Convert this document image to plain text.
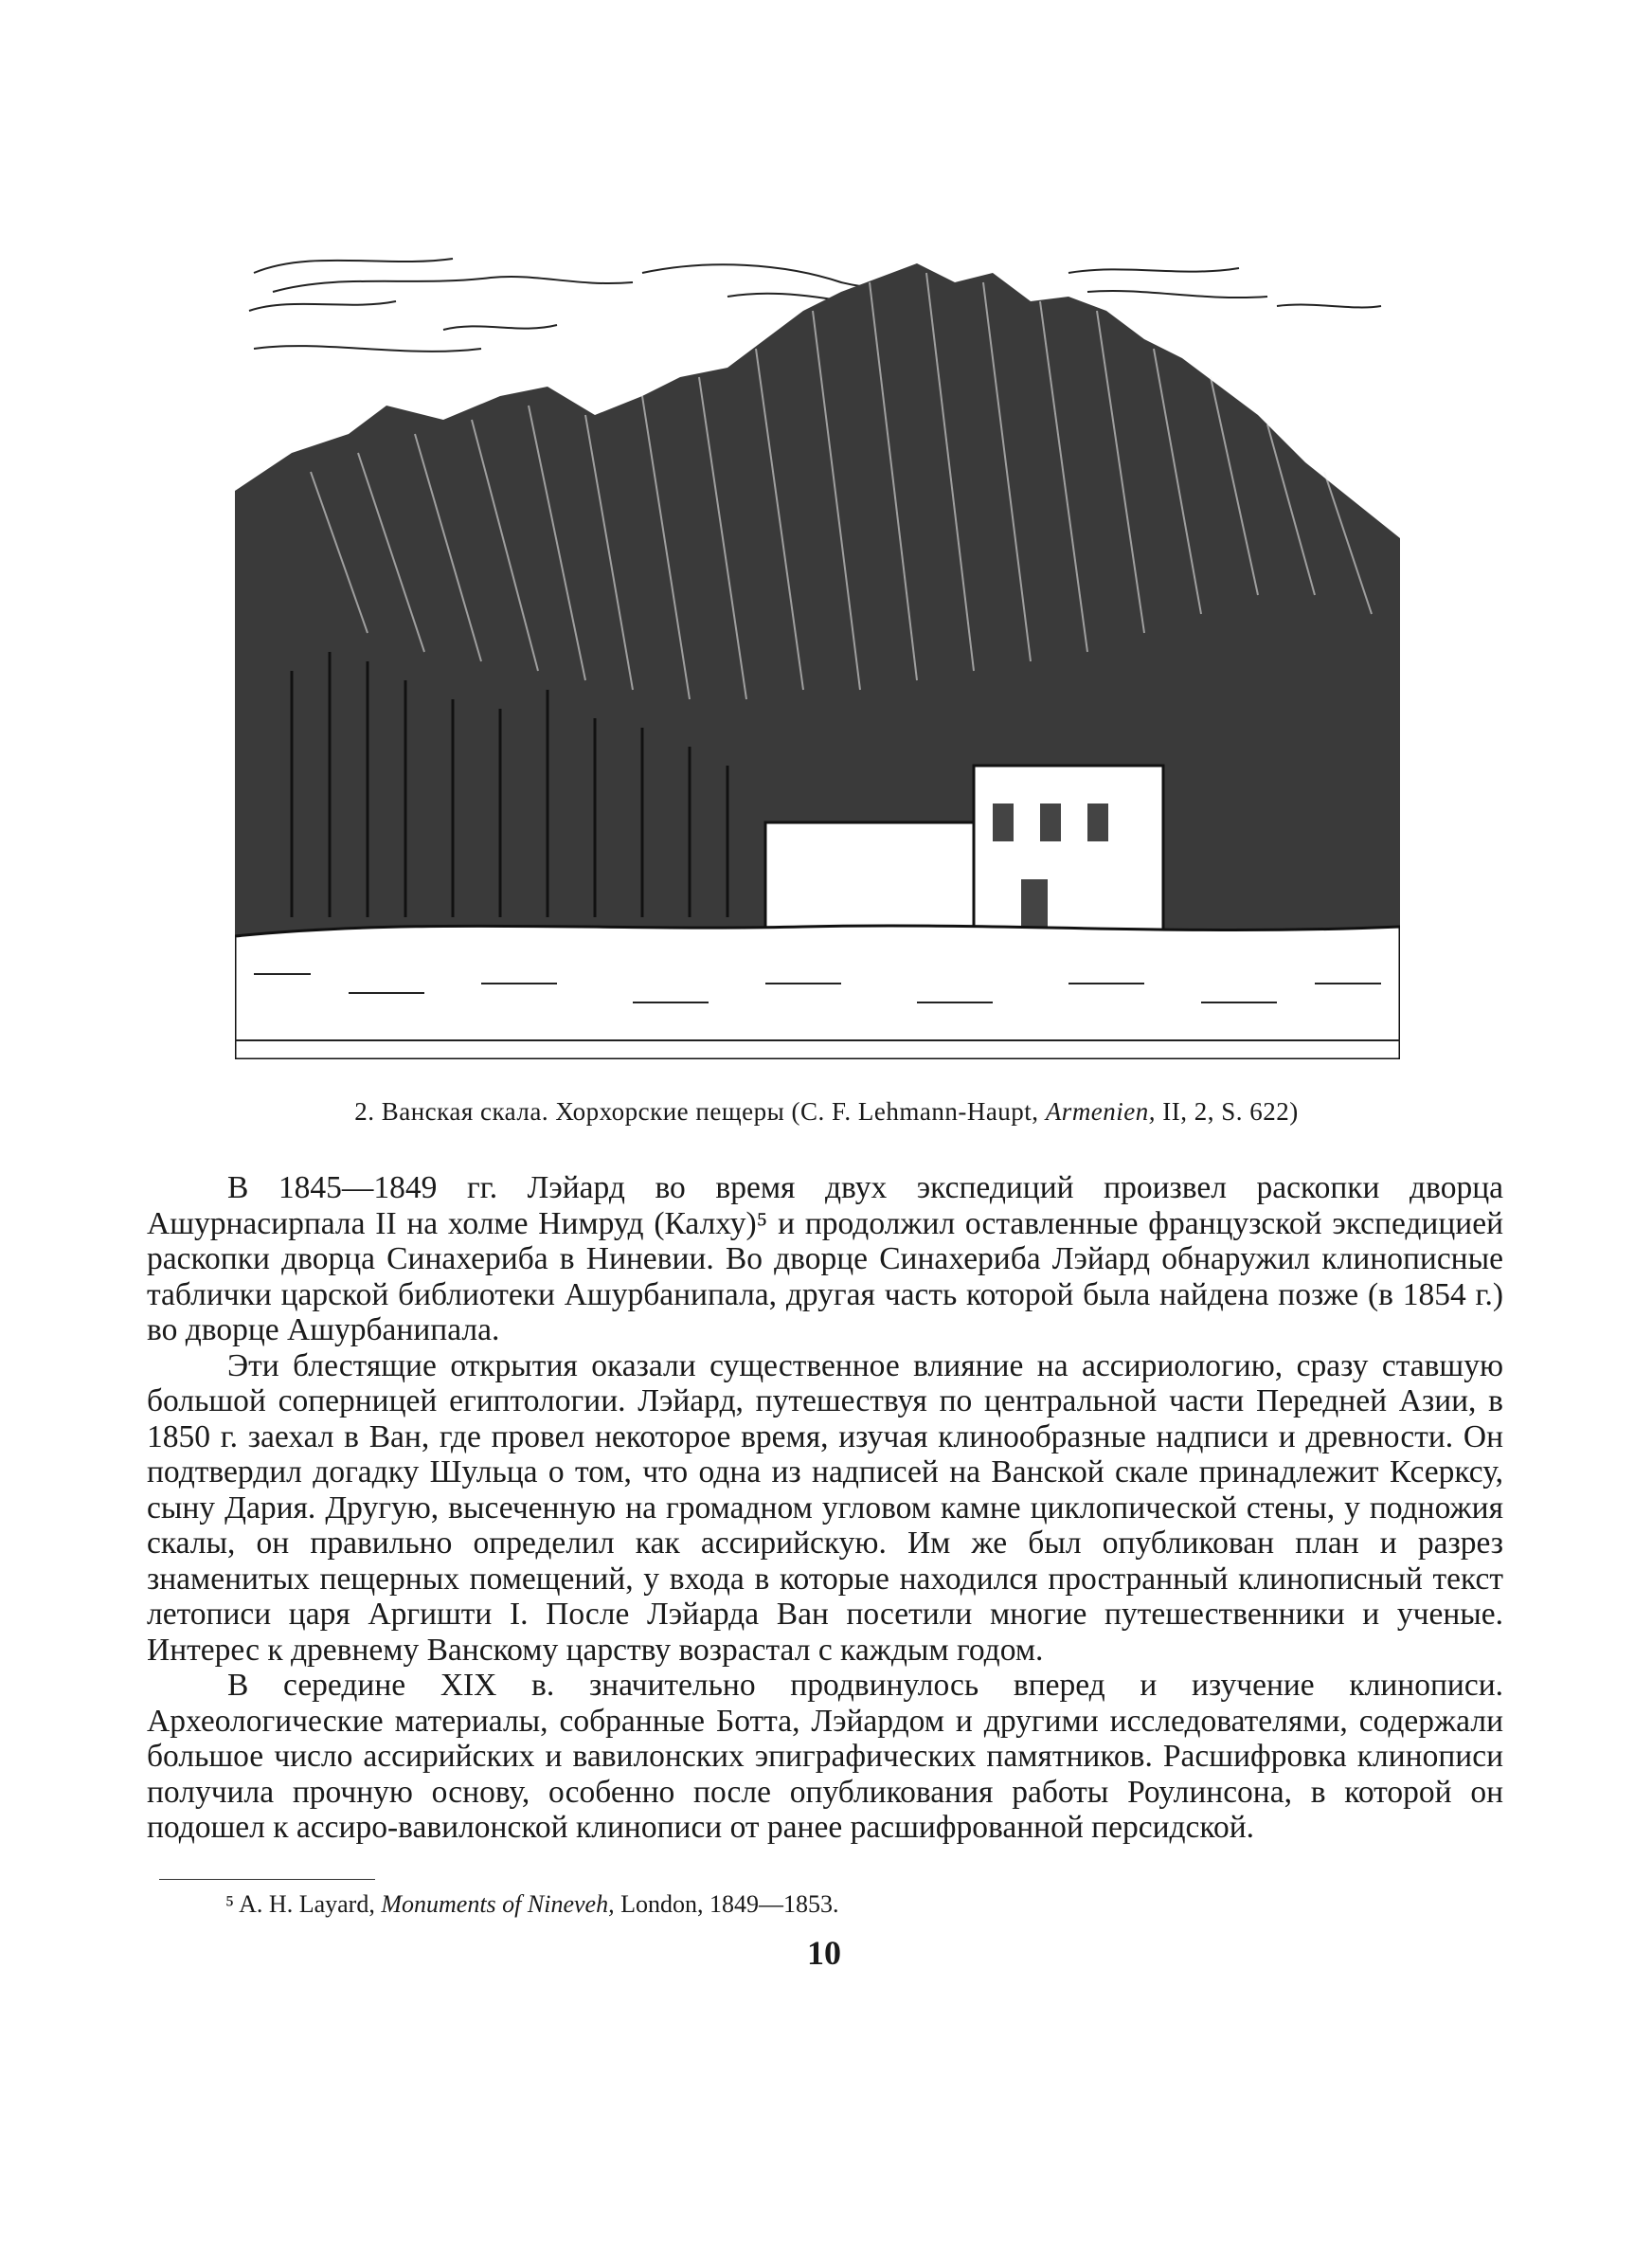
2. Ванская скала. Хорхорские пещеры (C. F. Lehmann-Haupt, Armenien, II, 2, S. 622)

В 1845—1849 гг. Лэйард во время двух экспедиций произвел раскопки дворца Ашурнасирпала II на холме Нимруд (Калху)⁵ и продолжил оставленные французской экспедицией раскопки дворца Синахериба в Ниневии. Во дворце Синахериба Лэйард обнаружил клинописные таблички царской библиотеки Ашурбанипала, другая часть которой была найдена позже (в 1854 г.) во дворце Ашурбанипала.

Эти блестящие открытия оказали существенное влияние на ассириологию, сразу ставшую большой соперницей египтологии. Лэйард, путешествуя по центральной части Передней Азии, в 1850 г. заехал в Ван, где провел некоторое время, изучая клинообразные надписи и древности. Он подтвердил догадку Шульца о том, что одна из надписей на Ванской скале принадлежит Ксерксу, сыну Дария. Другую, высеченную на громадном угловом камне циклопической стены, у подножия скалы, он правильно определил как ассирийскую. Им же был опубликован план и разрез знаменитых пещерных помещений, у входа в которые находился пространный клинописный текст летописи царя Аргишти I. После Лэйарда Ван посетили многие путешественники и ученые. Интерес к древнему Ванскому царству возрастал с каждым годом.

В середине XIX в. значительно продвинулось вперед и изучение клинописи. Археологические материалы, собранные Ботта, Лэйардом и другими исследователями, содержали большое число ассирийских и вавилонских эпиграфических памятников. Расшифровка клинописи получила прочную основу, особенно после опубликования работы Роулинсона, в которой он подошел к ассиро-вавилонской клинописи от ранее расшифрованной персидской.

⁵ A. H. Layard, Monuments of Nineveh, London, 1849—1853.
10
